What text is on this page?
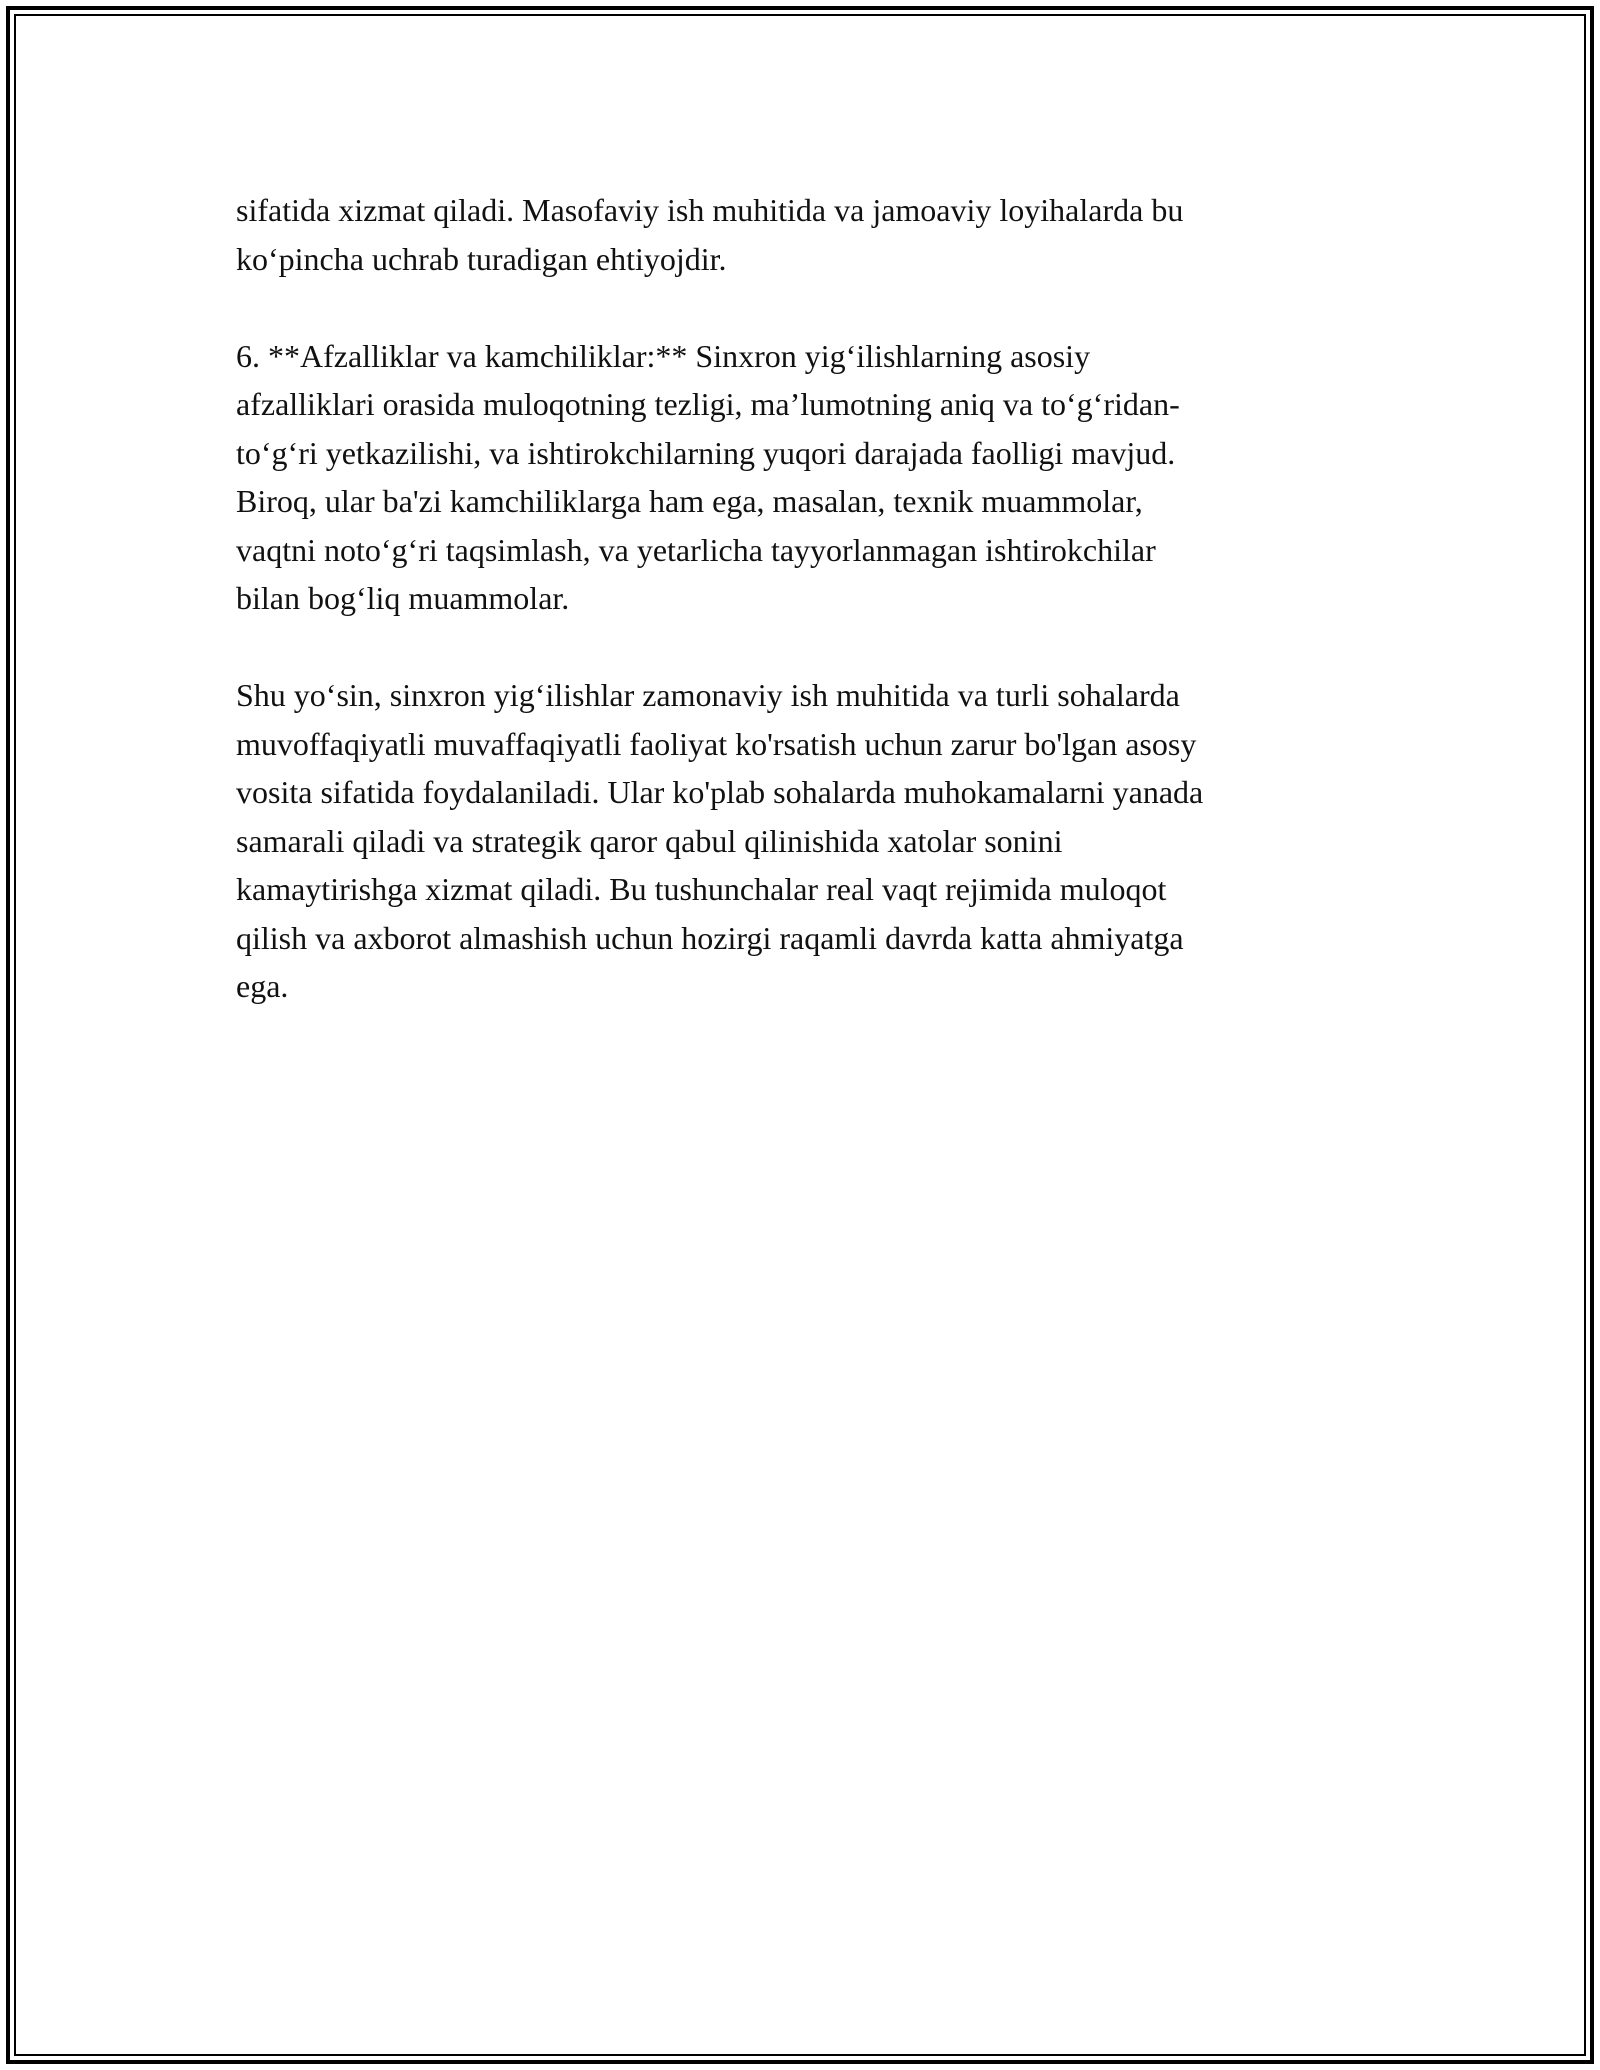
sifatida xizmat qiladi. Masofaviy ish muhitida va jamoaviy loyihalarda bu
ko‘pincha uchrab turadigan ehtiyojdir.

6. **Afzalliklar va kamchiliklar:** Sinxron yig‘ilishlarning asosiy
afzalliklari orasida muloqotning tezligi, ma’lumotning aniq va to‘g‘ridan-
to‘g‘ri yetkazilishi, va ishtirokchilarning yuqori darajada faolligi mavjud.
Biroq, ular ba'zi kamchiliklarga ham ega, masalan, texnik muammolar,
vaqtni noto‘g‘ri taqsimlash, va yetarlicha tayyorlanmagan ishtirokchilar
bilan bog‘liq muammolar.

Shu yo‘sin, sinxron yig‘ilishlar zamonaviy ish muhitida va turli sohalarda
muvoffaqiyatli muvaffaqiyatli faoliyat ko'rsatish uchun zarur bo'lgan asosy
vosita sifatida foydalaniladi. Ular ko'plab sohalarda muhokamalarni yanada
samarali qiladi va strategik qaror qabul qilinishida xatolar sonini
kamaytirishga xizmat qiladi. Bu tushunchalar real vaqt rejimida muloqot
qilish va axborot almashish uchun hozirgi raqamli davrda katta ahmiyatga
ega.
